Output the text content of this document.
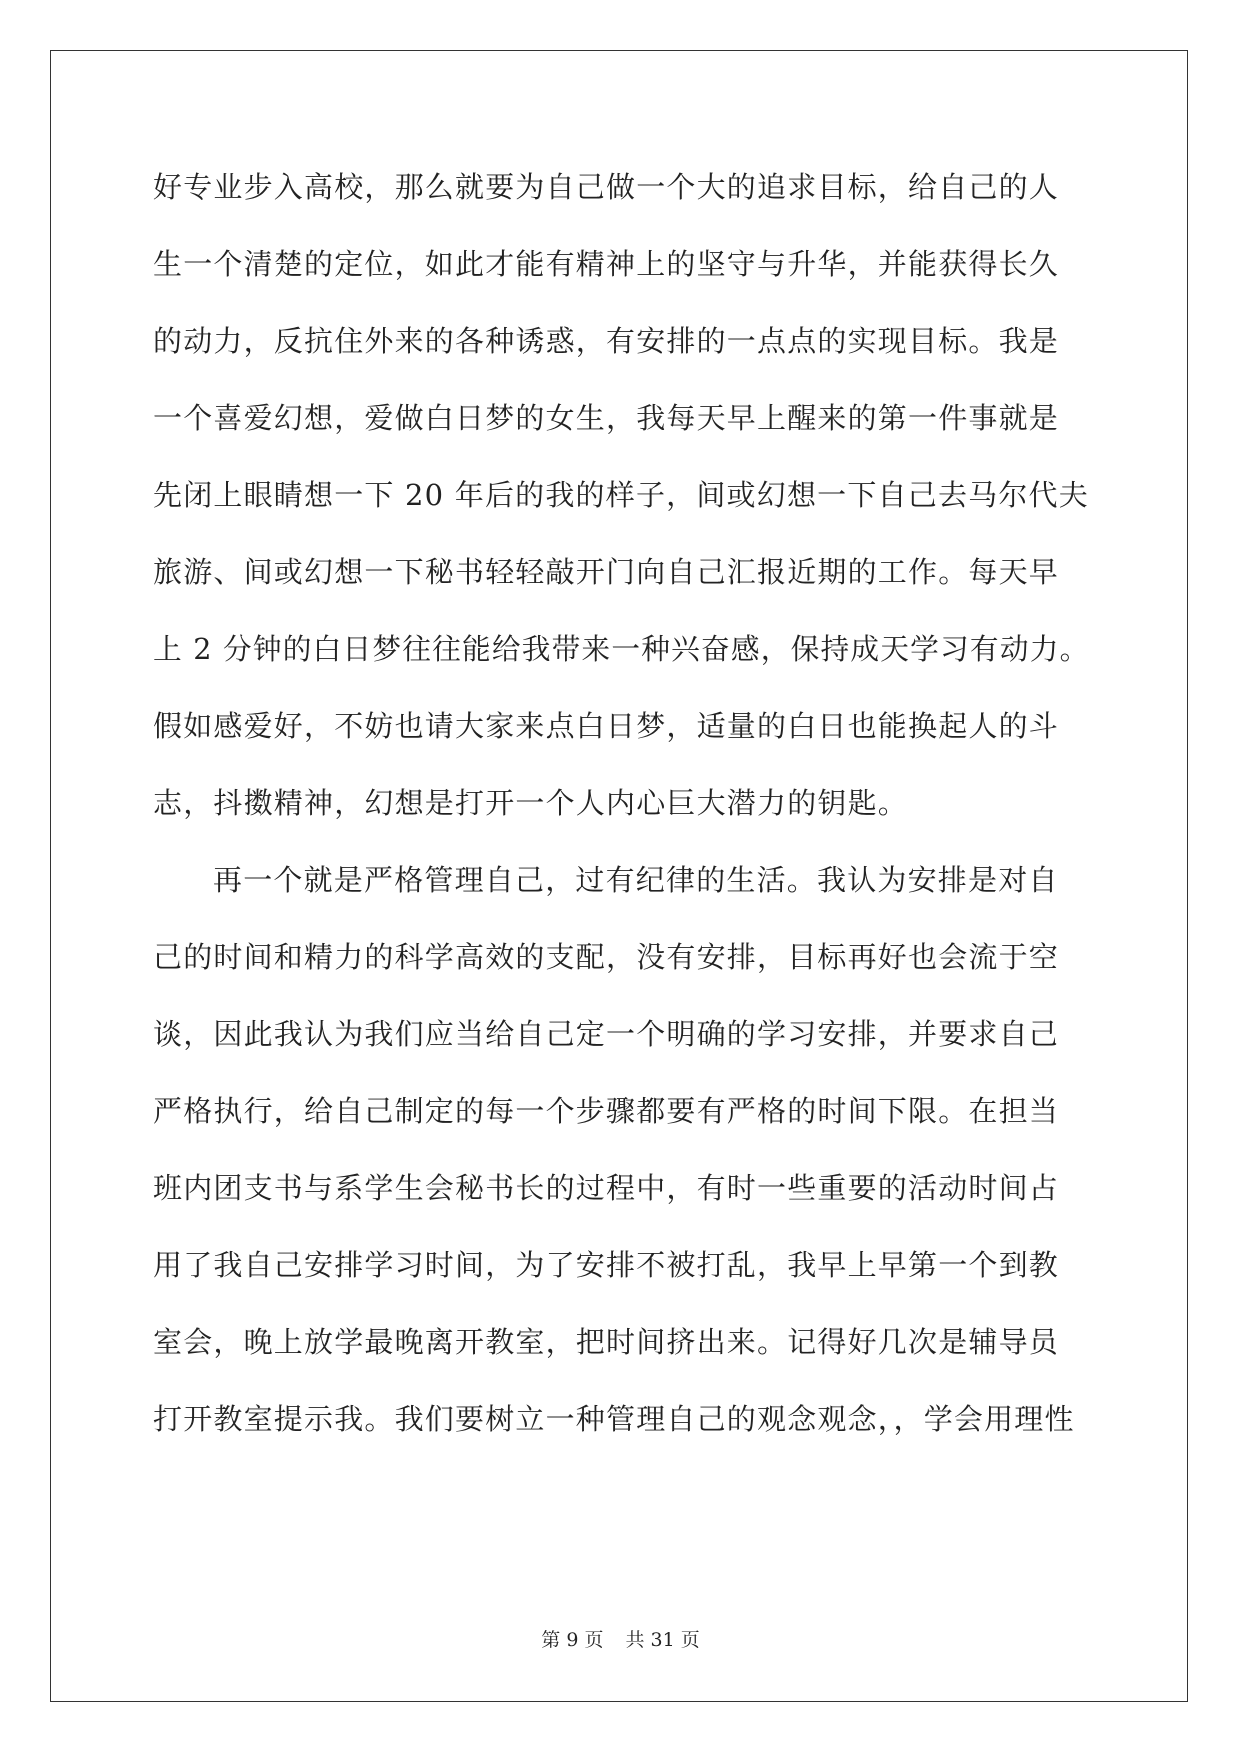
好专业步入高校，那么就要为自己做一个大的追求目标，给自己的人
生一个清楚的定位，如此才能有精神上的坚守与升华，并能获得长久
的动力，反抗住外来的各种诱惑，有安排的一点点的实现目标。我是
一个喜爱幻想，爱做白日梦的女生，我每天早上醒来的第一件事就是
先闭上眼睛想一下 20 年后的我的样子，间或幻想一下自己去马尔代夫
旅游、间或幻想一下秘书轻轻敲开门向自己汇报近期的工作。每天早
上 2 分钟的白日梦往往能给我带来一种兴奋感，保持成天学习有动力。
假如感爱好，不妨也请大家来点白日梦，适量的白日也能换起人的斗
志，抖擞精神，幻想是打开一个人内心巨大潜力的钥匙。
再一个就是严格管理自己，过有纪律的生活。我认为安排是对自
己的时间和精力的科学高效的支配，没有安排，目标再好也会流于空
谈，因此我认为我们应当给自己定一个明确的学习安排，并要求自己
严格执行，给自己制定的每一个步骤都要有严格的时间下限。在担当
班内团支书与系学生会秘书长的过程中，有时一些重要的活动时间占
用了我自己安排学习时间，为了安排不被打乱，我早上早第一个到教
室会，晚上放学最晚离开教室，把时间挤出来。记得好几次是辅导员
打开教室提示我。我们要树立一种管理自己的观念观念，，学会用理性
第 9 页 共 31 页
